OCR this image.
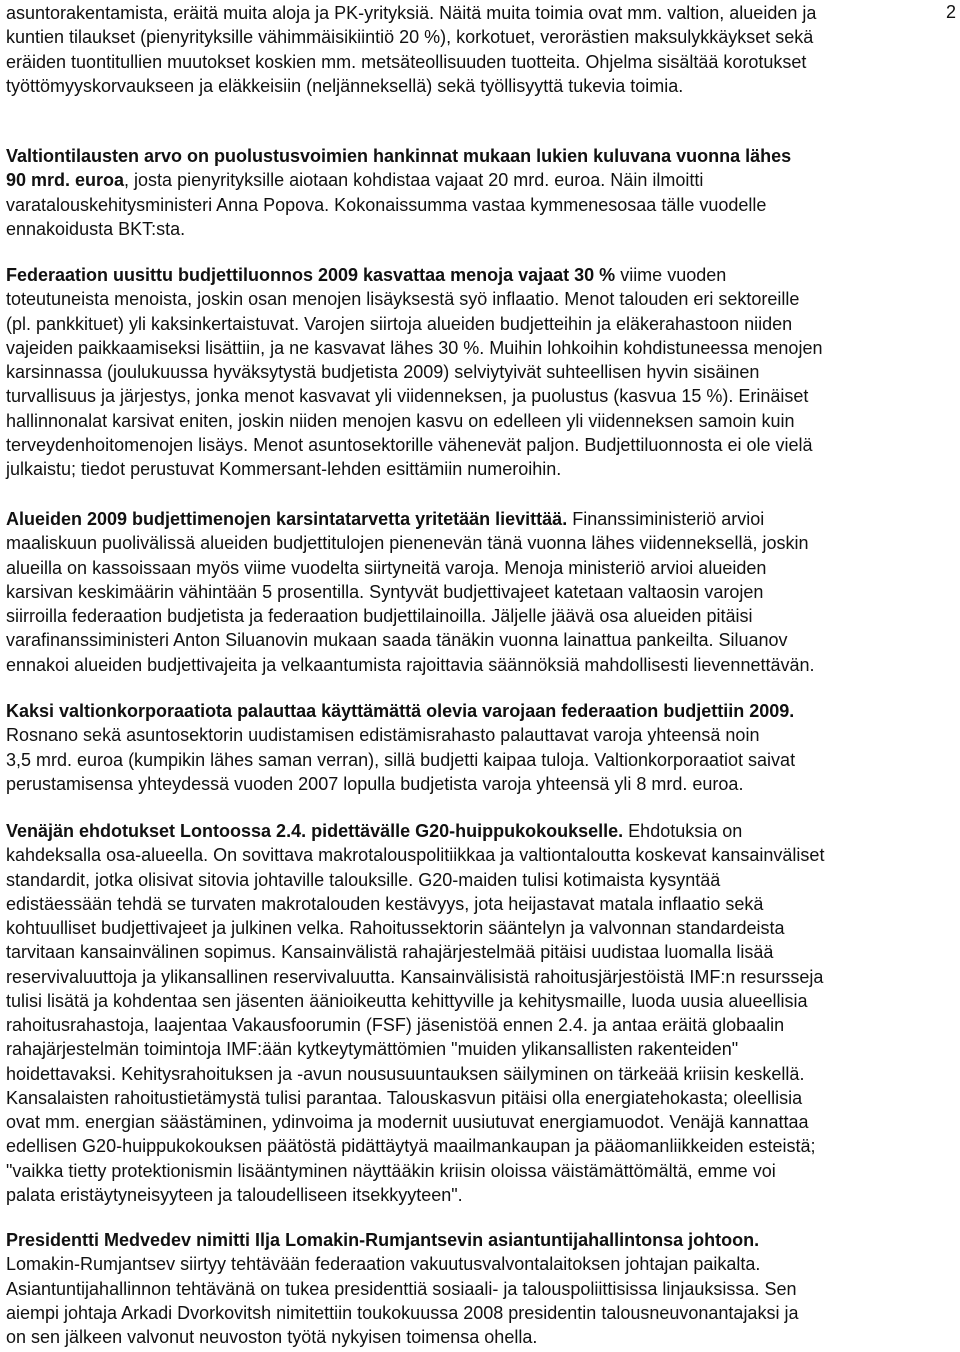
2

asuntorakentamista, eräitä muita aloja ja PK-yrityksiä. Näitä muita toimia ovat mm. valtion, alueiden ja
kuntien tilaukset (pienyrityksille vähimmäisikiintiö 20 %), korkotuet, verorästien maksulykkäykset sekä
eräiden tuontitullien muutokset koskien mm. metsäteollisuuden tuotteita. Ohjelma sisältää korotukset
työttömyyskorvaukseen ja eläkkeisiin (neljänneksellä) sekä työllisyyttä tukevia toimia.

Valtiontilausten arvo on puolustusvoimien hankinnat mukaan lukien kuluvana vuonna lähes
90 mrd. euroa, josta pienyrityksille aiotaan kohdistaa vajaat 20 mrd. euroa. Näin ilmoitti
varatalouskehitysministeri Anna Popova. Kokonaissumma vastaa kymmenesosaa tälle vuodelle
ennakoidusta BKT:sta.

Federaation uusittu budjettiluonnos 2009 kasvattaa menoja vajaat 30 % viime vuoden
toteutuneista menoista, joskin osan menojen lisäyksestä syö inflaatio. Menot talouden eri sektoreille
(pl. pankkituet) yli kaksinkertaistuvat. Varojen siirtoja alueiden budjetteihin ja eläkerahastoon niiden
vajeiden paikkaamiseksi lisättiin, ja ne kasvavat lähes 30 %. Muihin lohkoihin kohdistuneessa menojen
karsinnassa (joulukuussa hyväksytystä budjetista 2009) selviytyivät suhteellisen hyvin sisäinen
turvallisuus ja järjestys, jonka menot kasvavat yli viidenneksen, ja puolustus (kasvua 15 %). Erinäiset
hallinnonalat karsivat eniten, joskin niiden menojen kasvu on edelleen yli viidenneksen samoin kuin
terveydenhoitomenojen lisäys. Menot asuntosektorille vähenevät paljon. Budjettiluonnosta ei ole vielä
julkaistu; tiedot perustuvat Kommersant-lehden esittämiin numeroihin.

Alueiden 2009 budjettimenojen karsintatarvetta yritetään lievittää. Finanssiministeriö arvioi
maaliskuun puolivälissä alueiden budjettitulojen pienenevän tänä vuonna lähes viidenneksellä, joskin
alueilla on kassoissaan myös viime vuodelta siirtyneitä varoja. Menoja ministeriö arvioi alueiden
karsivan keskimäärin vähintään 5 prosentilla. Syntyvät budjettivajeet katetaan valtaosin varojen
siirroilla federaation budjetista ja federaation budjettilainoilla. Jäljelle jäävä osa alueiden pitäisi
varafinanssiministeri Anton Siluanovin mukaan saada tänäkin vuonna lainattua pankeilta. Siluanov
ennakoi alueiden budjettivajeita ja velkaantumista rajoittavia säännöksiä mahdollisesti lievennettävän.

Kaksi valtionkorporaatiota palauttaa käyttämättä olevia varojaan federaation budjettiin 2009.
Rosnano sekä asuntosektorin uudistamisen edistämisrahasto palauttavat varoja yhteensä noin
3,5 mrd. euroa (kumpikin lähes saman verran), sillä budjetti kaipaa tuloja. Valtionkorporaatiot saivat
perustamisensa yhteydessä vuoden 2007 lopulla budjetista varoja yhteensä yli 8 mrd. euroa.

Venäjän ehdotukset Lontoossa 2.4. pidettävälle G20-huippukokoukselle. Ehdotuksia on
kahdeksalla osa-alueella. On sovittava makrotalouspolitiikkaa ja valtiontaloutta koskevat kansainväliset
standardit, jotka olisivat sitovia johtaville talouksille. G20-maiden tulisi kotimaista kysyntää
edistäessään tehdä se turvaten makrotalouden kestävyys, jota heijastavat matala inflaatio sekä
kohtuulliset budjettivajeet ja julkinen velka. Rahoitussektorin sääntelyn ja valvonnan standardeista
tarvitaan kansainvälinen sopimus. Kansainvälistä rahajärjestelmää pitäisi uudistaa luomalla lisää
reservivaluuttoja ja ylikansallinen reservivaluutta. Kansainvälisistä rahoitusjärjestöistä IMF:n resursseja
tulisi lisätä ja kohdentaa sen jäsenten äänioikeutta kehittyville ja kehitysmaille, luoda uusia alueellisia
rahoitusrahastoja, laajentaa Vakausfoorumin (FSF) jäsenistöä ennen 2.4. ja antaa eräitä globaalin
rahajärjestelmän toimintoja IMF:ään kytkeytymättömien "muiden ylikansallisten rakenteiden"
hoidettavaksi. Kehitysrahoituksen ja -avun noususuuntauksen säilyminen on tärkeää kriisin keskellä.
Kansalaisten rahoitustietämystä tulisi parantaa. Talouskasvun pitäisi olla energiatehokasta; oleellisia
ovat mm. energian säästäminen, ydinvoima ja modernit uusiutuvat energiamuodot. Venäjä kannattaa
edellisen G20-huippukokouksen päätöstä pidättäytyä maailmankaupan ja pääomanliikkeiden esteistä;
"vaikka tietty protektionismin lisääntyminen näyttääkin kriisin oloissa väistämättömältä, emme voi
palata eristäytyneisyyteen ja taloudelliseen itsekkyyteen".

Presidentti Medvedev nimitti Ilja Lomakin-Rumjantsevin asiantuntijahallintonsa johtoon.
Lomakin-Rumjantsev siirtyy tehtävään federaation vakuutusvalvontalaitoksen johtajan paikalta.
Asiantuntijahallinnon tehtävänä on tukea presidenttiä sosiaali- ja talouspoliittisissa linjauksissa. Sen
aiempi johtaja Arkadi Dvorkovitsh nimitettiin toukokuussa 2008 presidentin talousneuvonantajaksi ja
on sen jälkeen valvonut neuvoston työtä nykyisen toimensa ohella.
